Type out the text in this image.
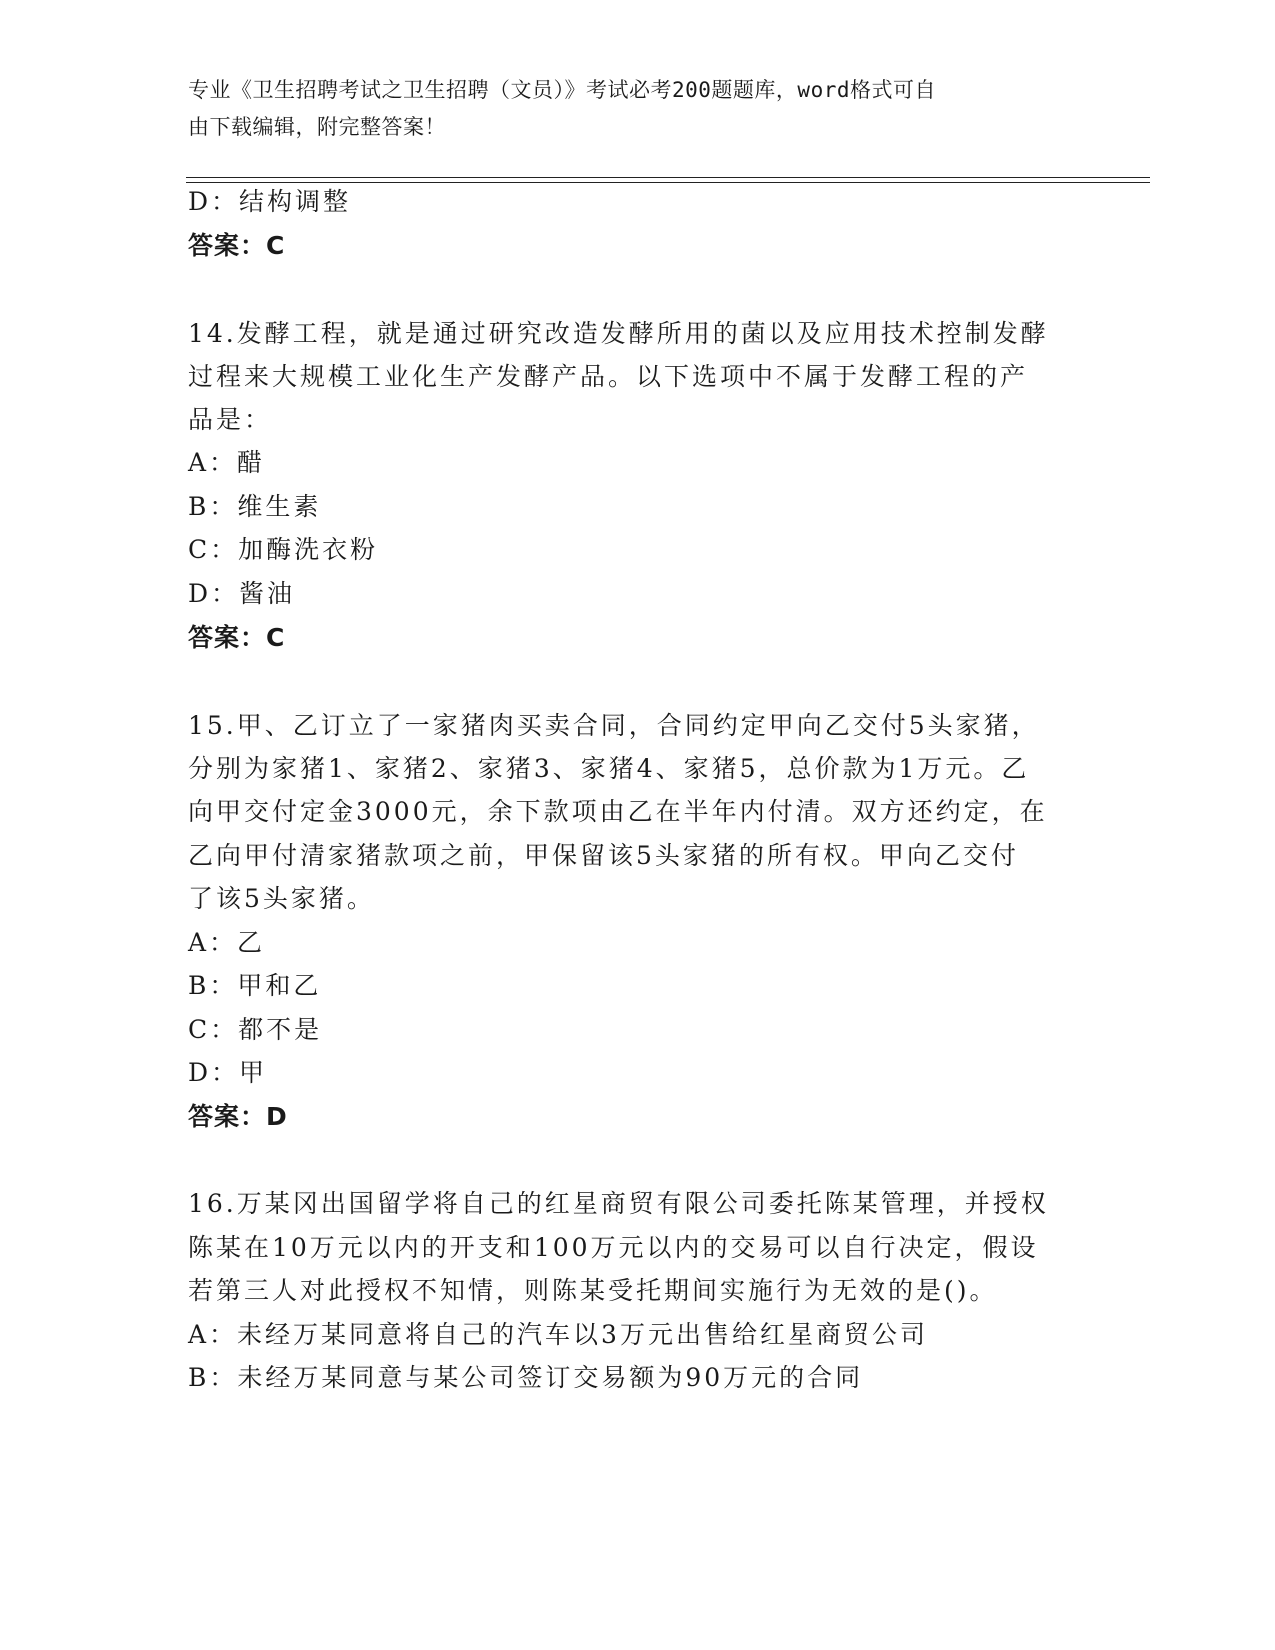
专业《卫生招聘考试之卫生招聘（文员）》考试必考200题题库，word格式可自
由下载编辑，附完整答案！
D：结构调整
答案：C
14.发酵工程，就是通过研究改造发酵所用的菌以及应用技术控制发酵
过程来大规模工业化生产发酵产品。以下选项中不属于发酵工程的产
品是：
A：醋
B：维生素
C：加酶洗衣粉
D：酱油
答案：C
15.甲、乙订立了一家猪肉买卖合同，合同约定甲向乙交付5头家猪，
分别为家猪1、家猪2、家猪3、家猪4、家猪5，总价款为1万元。乙
向甲交付定金3000元，余下款项由乙在半年内付清。双方还约定，在
乙向甲付清家猪款项之前，甲保留该5头家猪的所有权。甲向乙交付
了该5头家猪。
A：乙
B：甲和乙
C：都不是
D：甲
答案：D
16.万某冈出国留学将自己的红星商贸有限公司委托陈某管理，并授权
陈某在10万元以内的开支和100万元以内的交易可以自行决定，假设
若第三人对此授权不知情，则陈某受托期间实施行为无效的是()。
A：未经万某同意将自己的汽车以3万元出售给红星商贸公司
B：未经万某同意与某公司签订交易额为90万元的合同
